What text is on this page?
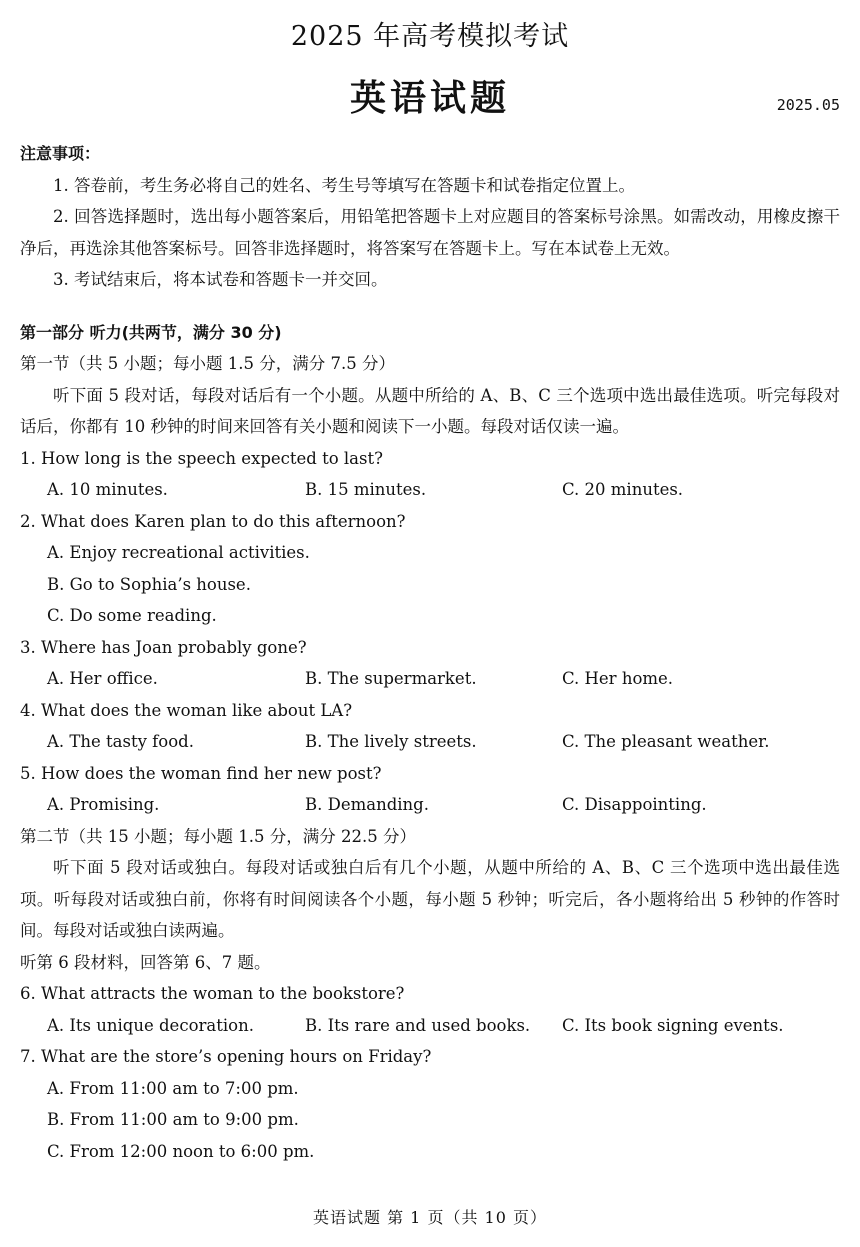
2025 年高考模拟考试
英语试题	2025.05
注意事项：
1. 答卷前，考生务必将自己的姓名、考生号等填写在答题卡和试卷指定位置上。
2. 回答选择题时，选出每小题答案后，用铅笔把答题卡上对应题目的答案标号涂黑。如需改动，用橡皮擦干净后，再选涂其他答案标号。回答非选择题时，将答案写在答题卡上。写在本试卷上无效。
3. 考试结束后，将本试卷和答题卡一并交回。
第一部分 听力(共两节，满分 30 分)
第一节（共 5 小题；每小题 1.5 分，满分 7.5 分）
听下面 5 段对话，每段对话后有一个小题。从题中所给的 A、B、C 三个选项中选出最佳选项。听完每段对话后，你都有 10 秒钟的时间来回答有关小题和阅读下一小题。每段对话仅读一遍。
1. How long is the speech expected to last?
A. 10 minutes.	B. 15 minutes.	C. 20 minutes.
2. What does Karen plan to do this afternoon?
A. Enjoy recreational activities.
B. Go to Sophia’s house.
C. Do some reading.
3. Where has Joan probably gone?
A. Her office.	B. The supermarket.	C. Her home.
4. What does the woman like about LA?
A. The tasty food.	B. The lively streets.	C. The pleasant weather.
5. How does the woman find her new post?
A. Promising.	B. Demanding.	C. Disappointing.
第二节（共 15 小题；每小题 1.5 分，满分 22.5 分）
听下面 5 段对话或独白。每段对话或独白后有几个小题，从题中所给的 A、B、C 三个选项中选出最佳选项。听每段对话或独白前，你将有时间阅读各个小题，每小题 5 秒钟；听完后，各小题将给出 5 秒钟的作答时间。每段对话或独白读两遍。
听第 6 段材料，回答第 6、7 题。
6. What attracts the woman to the bookstore?
A. Its unique decoration.	B. Its rare and used books.	C. Its book signing events.
7. What are the store’s opening hours on Friday?
A. From 11:00 am to 7:00 pm.
B. From 11:00 am to 9:00 pm.
C. From 12:00 noon to 6:00 pm.
英语试题 第 1 页（共 10 页）
